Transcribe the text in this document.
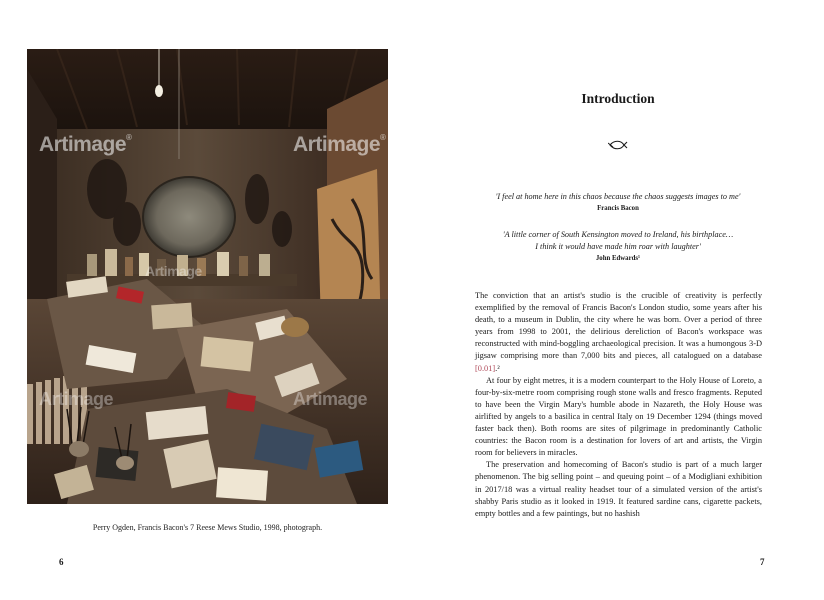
Artimage®	Artimage®
Artimage
Artimage	Artimage
Perry Ogden, Francis Bacon's 7 Reese Mews Studio, 1998, photograph.
6
Introduction
'I feel at home here in this chaos because the chaos suggests images to me'
Francis Bacon
'A little corner of South Kensington moved to Ireland, his birthplace…
I think it would have made him roar with laughter'
John Edwards¹

The conviction that an artist's studio is the crucible of creativity is perfectly exemplified by the removal of Francis Bacon's London studio, some years after his death, to a museum in Dublin, the city where he was born. Over a period of three years from 1998 to 2001, the delirious dereliction of Bacon's workspace was reconstructed with mind-boggling archaeological precision. It was a humongous 3-D jigsaw comprising more than 7,000 bits and pieces, all catalogued on a database [0.01].²

At four by eight metres, it is a modern counterpart to the Holy House of Loreto, a four-by-six-metre room comprising rough stone walls and fresco fragments. Reputed to have been the Virgin Mary's humble abode in Nazareth, the Holy House was airlifted by angels to a basilica in central Italy on 19 December 1294 (things moved faster back then). Both rooms are sites of pilgrimage in predominantly Catholic countries: the Bacon room is a destination for lovers of art and artists, the Virgin room for believers in miracles.

The preservation and homecoming of Bacon's studio is part of a much larger phenomenon. The big selling point – and queuing point – of a Modigliani exhibition in 2017/18 was a virtual reality headset tour of a simulated version of the artist's shabby Paris studio as it looked in 1919. It featured sardine cans, cigarette packets, empty bottles and a few paintings, but no hashish

7
